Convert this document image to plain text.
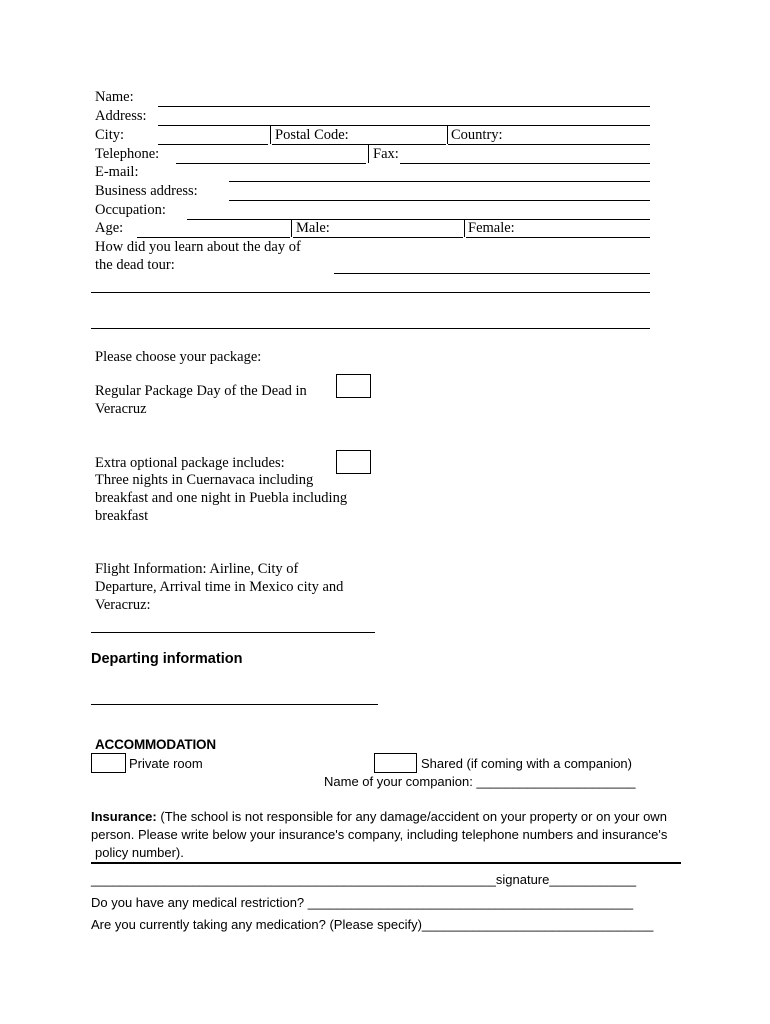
Name:
Address:
City:	Postal Code:	Country:
Telephone:	Fax:
E-mail:
Business address:
Occupation:
Age:	Male:	Female:
How did you learn about the day of
the dead tour:
Please choose your package:
Regular Package Day of the Dead in
Veracruz
Extra optional package includes:
Three nights in Cuernavaca including
breakfast and one night in Puebla including
breakfast
Flight Information: Airline, City of
Departure, Arrival time in Mexico city and
Veracruz:
Departing information
ACCOMMODATION
Private room	Shared (if coming with a companion)
Name of your companion: ______________________
Insurance: (The school is not responsible for any damage/accident on your property or on your own
person. Please write below your insurance's company, including telephone numbers and insurance's
policy number).
________________________________________________________signature____________
Do you have any medical restriction? _____________________________________________
Are you currently taking any medication? (Please specify)________________________________
